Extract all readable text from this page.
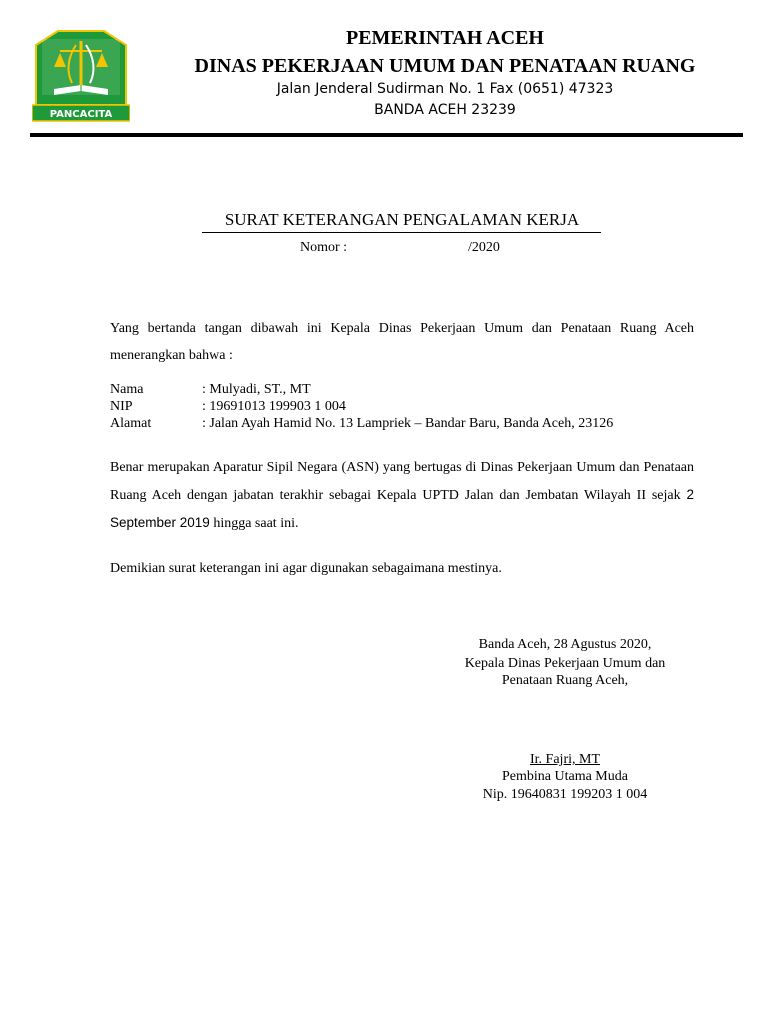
PANCACITA
PEMERINTAH ACEH
DINAS PEKERJAAN UMUM DAN PENATAAN RUANG
Jalan Jenderal Sudirman No. 1 Fax (0651) 47323
BANDA ACEH 23239
SURAT KETERANGAN PENGALAMAN KERJA
Nomor :	/2020
Yang bertanda tangan dibawah ini Kepala Dinas Pekerjaan Umum dan Penataan Ruang Aceh menerangkan bahwa :
Nama	: Mulyadi, ST., MT
NIP	: 19691013 199903 1 004
Alamat	: Jalan Ayah Hamid No. 13 Lampriek – Bandar Baru, Banda Aceh, 23126
Benar merupakan Aparatur Sipil Negara (ASN) yang bertugas di Dinas Pekerjaan Umum dan Penataan Ruang Aceh dengan jabatan terakhir sebagai Kepala UPTD Jalan dan Jembatan Wilayah II sejak 2 September 2019 hingga saat ini.
Demikian surat keterangan ini agar digunakan sebagaimana mestinya.
Banda Aceh, 28 Agustus 2020,
Kepala Dinas Pekerjaan Umum dan
Penataan Ruang Aceh,
Ir. Fajri, MT
Pembina Utama Muda
Nip. 19640831 199203 1 004
